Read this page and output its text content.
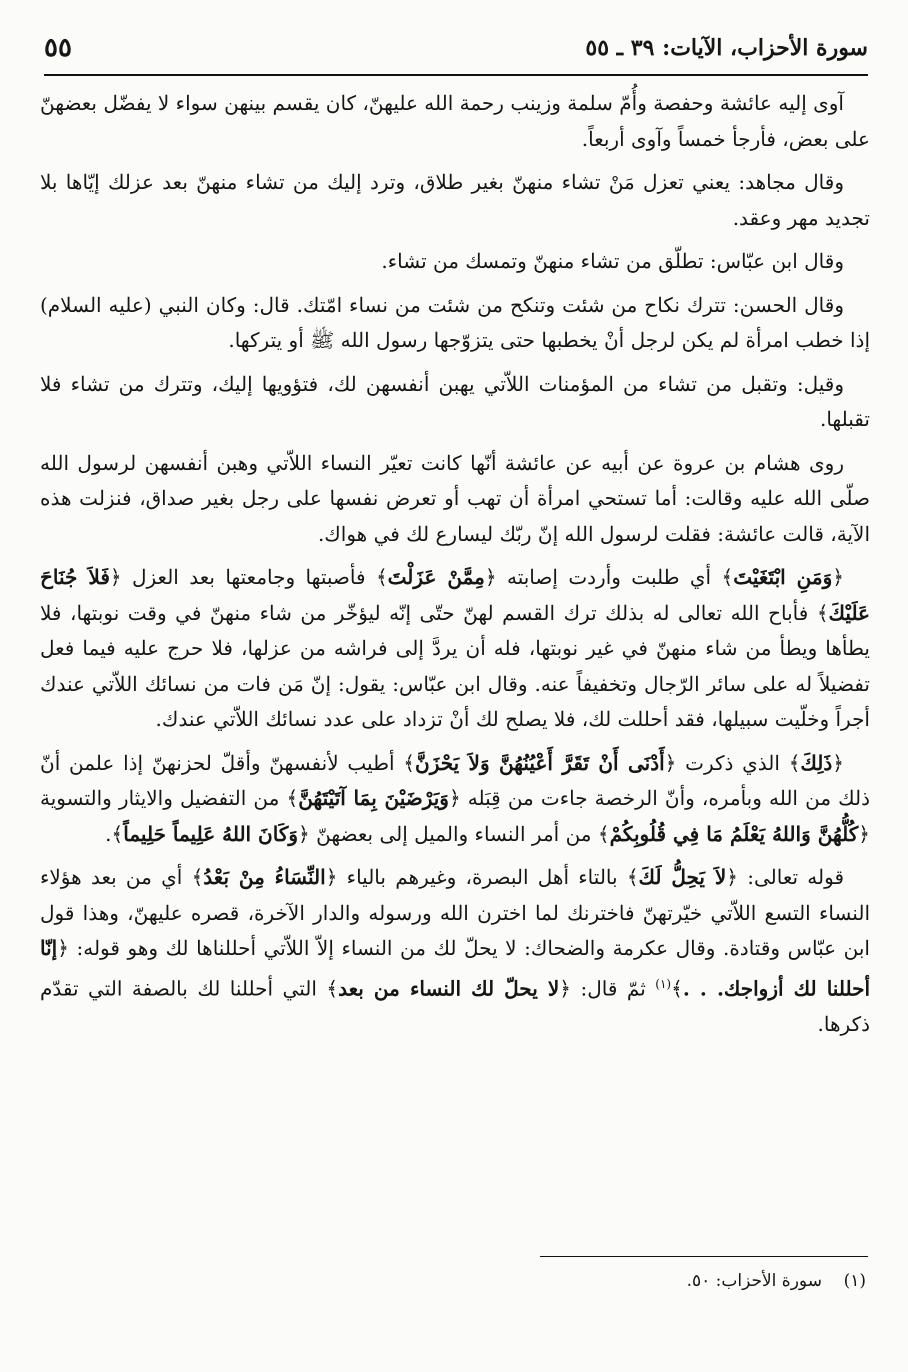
٥٥	سورة الأحزاب، الآيات: ٣٩ ـ ٥٥

آوى إليه عائشة وحفصة وأُمّ سلمة وزينب رحمة الله عليهنّ، كان يقسم بينهن سواء لا يفضّل بعضهنّ على بعض، فأرجأ خمساً وآوى أربعاً.

وقال مجاهد: يعني تعزل مَنْ تشاء منهنّ بغير طلاق، وترد إليك من تشاء منهنّ بعد عزلك إيّاها بلا تجديد مهر وعقد.

وقال ابن عبّاس: تطلّق من تشاء منهنّ وتمسك من تشاء.

وقال الحسن: تترك نكاح من شئت وتنكح من شئت من نساء امّتك. قال: وكان النبي (عليه السلام) إذا خطب امرأة لم يكن لرجل أنْ يخطبها حتى يتزوّجها رسول الله ﷺ أو يتركها.

وقيل: وتقبل من تشاء من المؤمنات اللاّتي يهبن أنفسهن لك، فتؤويها إليك، وتترك من تشاء فلا تقبلها.

روى هشام بن عروة عن أبيه عن عائشة أنّها كانت تعيّر النساء اللاّتي وهبن أنفسهن لرسول الله صلّى الله عليه وقالت: أما تستحي امرأة أن تهب أو تعرض نفسها على رجل بغير صداق، فنزلت هذه الآية، قالت عائشة: فقلت لرسول الله إنّ ربّك ليسارع لك في هواك.

﴿وَمَنِ ابْتَغَيْتَ﴾ أي طلبت وأردت إصابته ﴿مِمَّنْ عَزَلْتَ﴾ فأصبتها وجامعتها بعد العزل ﴿فَلاَ جُنَاحَ عَلَيْكَ﴾ فأباح الله تعالى له بذلك ترك القسم لهنّ حتّى إنّه ليؤخّر من شاء منهنّ في وقت نوبتها، فلا يطأها ويطأ من شاء منهنّ في غير نوبتها، فله أن يردَّ إلى فراشه من عزلها، فلا حرج عليه فيما فعل تفضيلاً له على سائر الرّجال وتخفيفاً عنه. وقال ابن عبّاس: يقول: إنّ مَن فات من نسائك اللاّتي عندك أجراً وخلّيت سبيلها، فقد أحللت لك، فلا يصلح لك أنْ تزداد على عدد نسائك اللاّتي عندك.

﴿ذَلِكَ﴾ الذي ذكرت ﴿أَدْنَى أَنْ تَقَرَّ أَعْيُنُهُنَّ وَلاَ يَحْزَنَّ﴾ أطيب لأنفسهنّ وأقلّ لحزنهنّ إذا علمن أنّ ذلك من الله وبأمره، وأنّ الرخصة جاءت من قِبَله ﴿وَيَرْضَيْنَ بِمَا آتَيْتَهُنَّ﴾ من التفضيل والايثار والتسوية ﴿كُلُّهُنَّ وَاللهُ يَعْلَمُ مَا فِي قُلُوبِكُمْ﴾ من أمر النساء والميل إلى بعضهنّ ﴿وَكَانَ اللهُ عَلِيماً حَلِيماً﴾.

قوله تعالى: ﴿لاَ يَحِلُّ لَكَ﴾ بالتاء أهل البصرة، وغيرهم بالياء ﴿النِّسَاءُ مِنْ بَعْدُ﴾ أي من بعد هؤلاء النساء التسع اللاّتي خيّرتهنّ فاخترنك لما اخترن الله ورسوله والدار الآخرة، قصره عليهنّ، وهذا قول ابن عبّاس وقتادة. وقال عكرمة والضحاك: لا يحلّ لك من النساء إلاّ اللاّتي أحللناها لك وهو قوله: ﴿إنّا أحللنا لك أزواجك. . .﴾$^{(١)}$ ثمّ قال: ﴿لا يحلّ لك النساء من بعد﴾ التي أحللنا لك بالصفة التي تقدّم ذكرها.

(١)    سورة الأحزاب: ٥٠.
